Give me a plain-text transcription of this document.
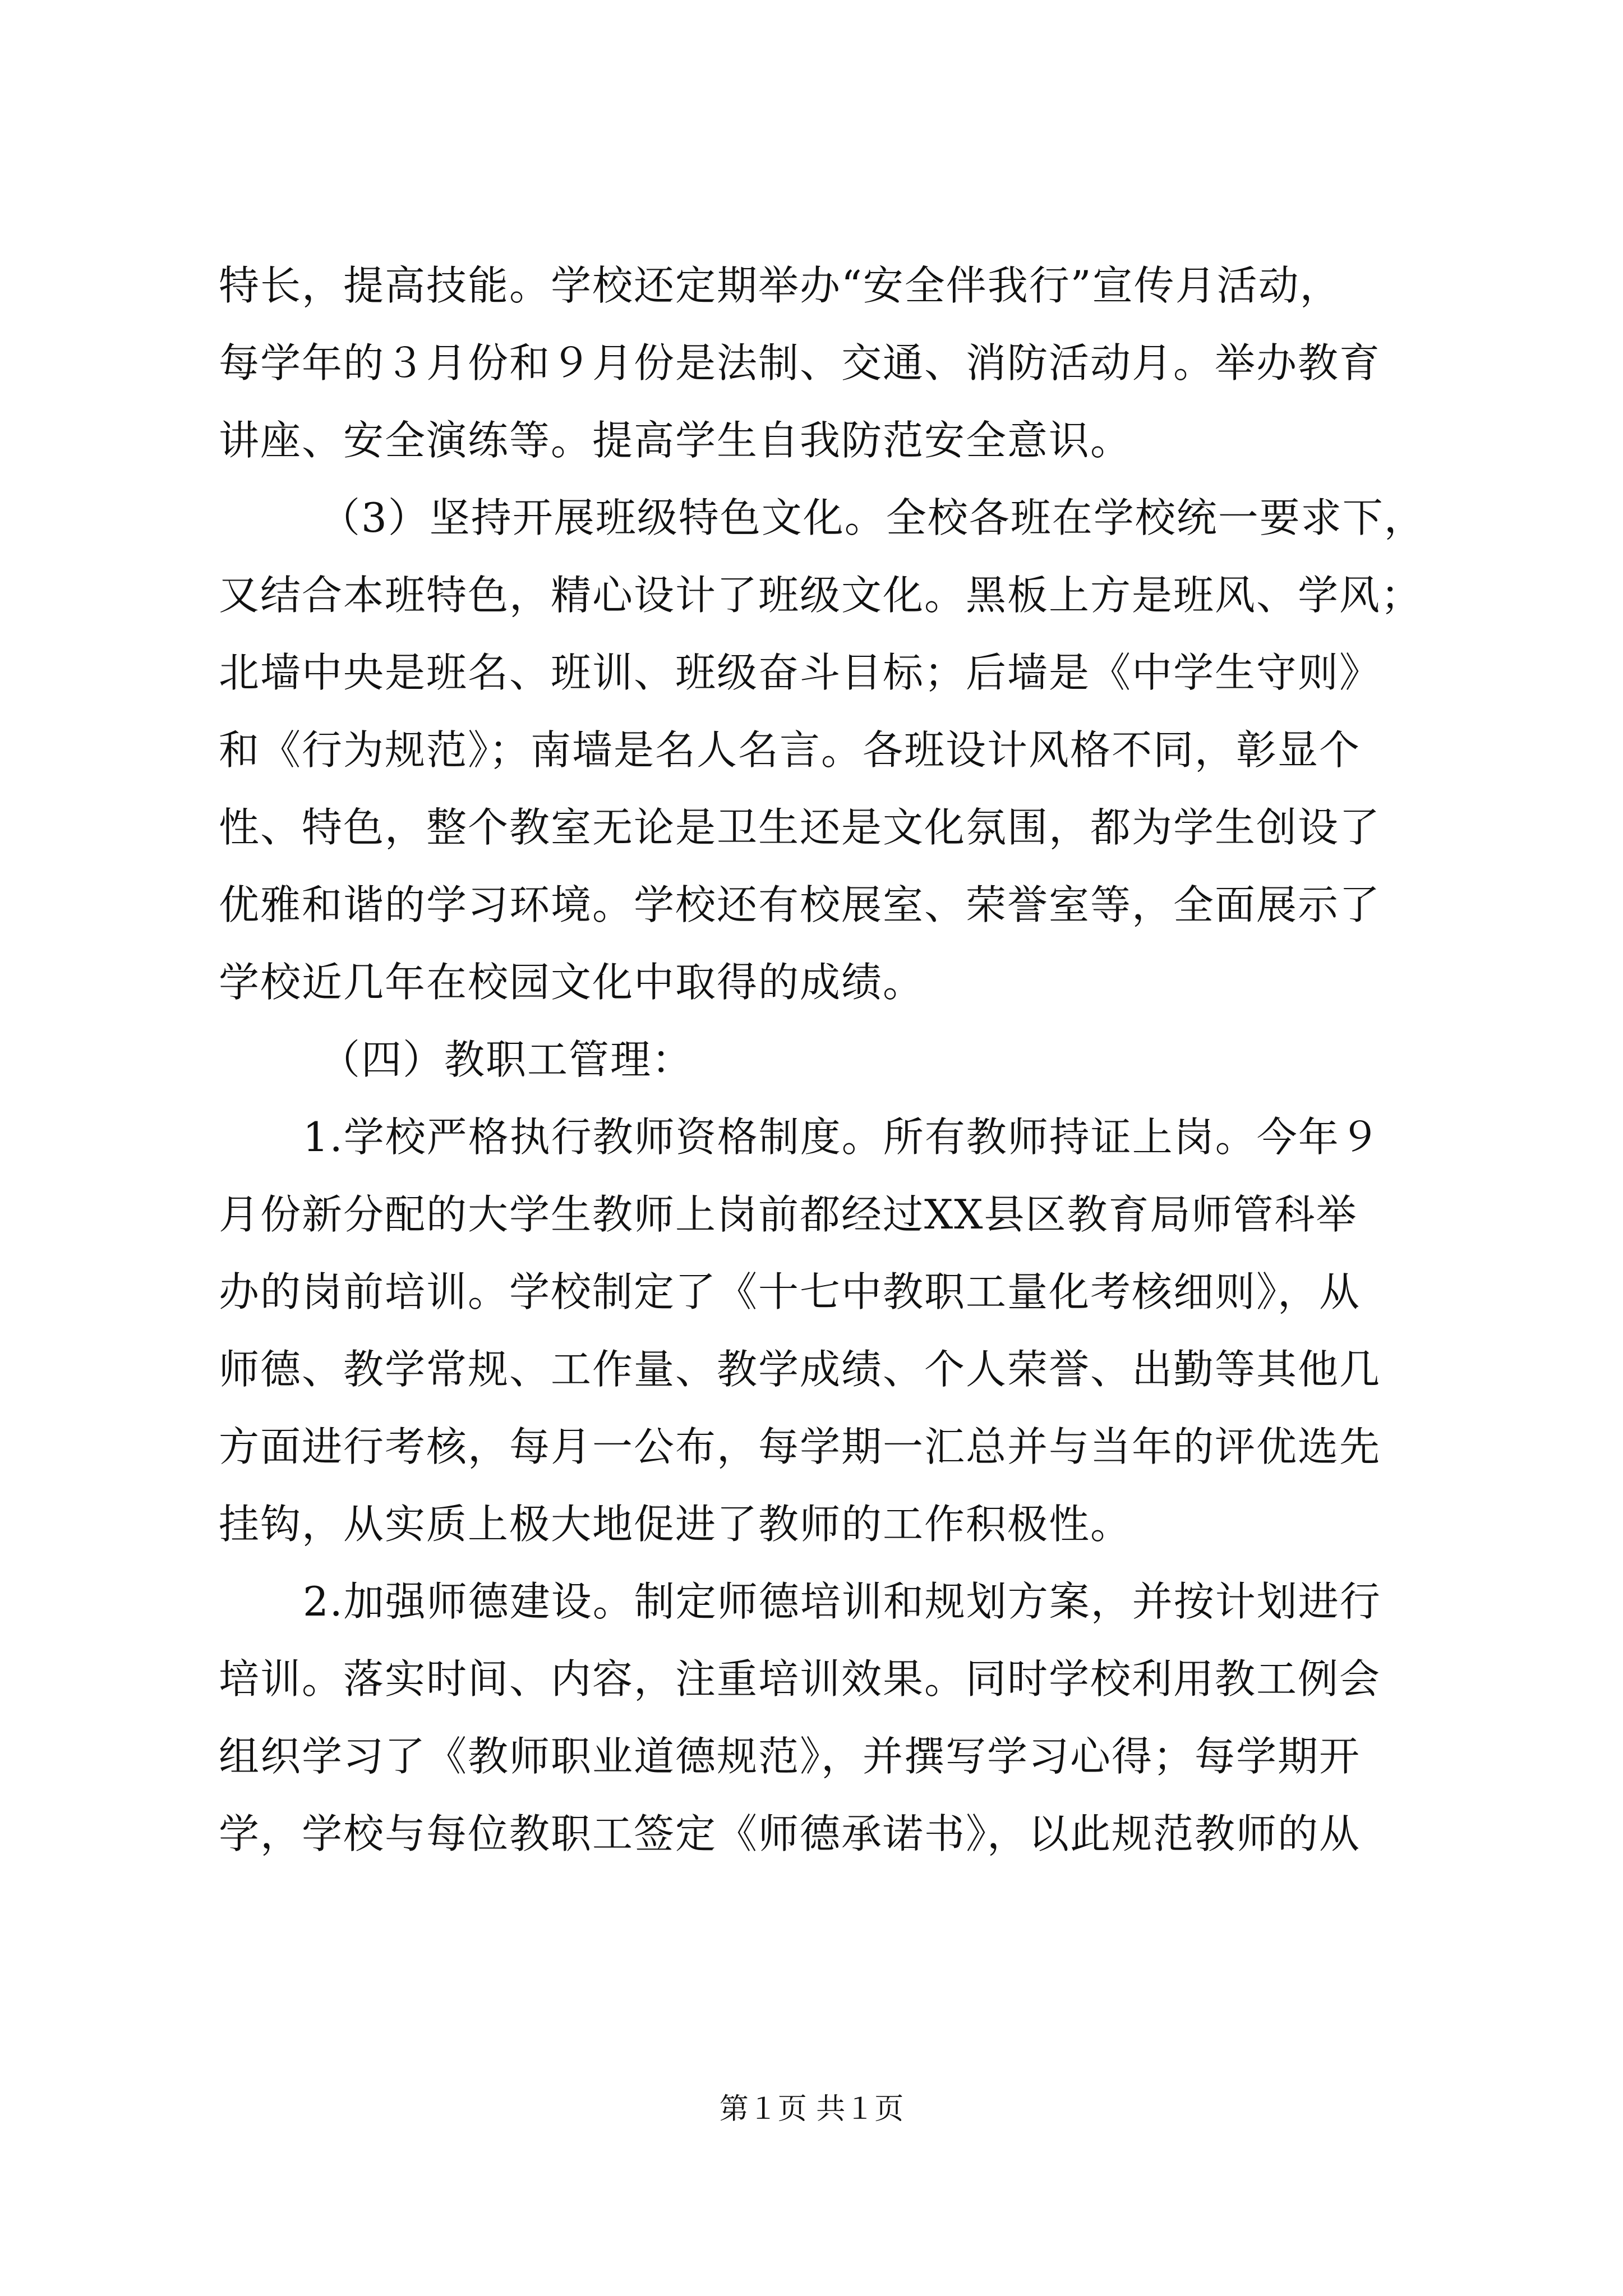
特长，提高技能。学校还定期举办“安全伴我行”宣传月活动，
每学年的３月份和９月份是法制、交通、消防活动月。举办教育
讲座、安全演练等。提高学生自我防范安全意识。
（3）坚持开展班级特色文化。全校各班在学校统一要求下，
又结合本班特色，精心设计了班级文化。黑板上方是班风、学风；
北墙中央是班名、班训、班级奋斗目标；后墙是《中学生守则》
和《行为规范》；南墙是名人名言。各班设计风格不同，彰显个
性、特色，整个教室无论是卫生还是文化氛围，都为学生创设了
优雅和谐的学习环境。学校还有校展室、荣誉室等，全面展示了
学校近几年在校园文化中取得的成绩。
（四）教职工管理：
1.学校严格执行教师资格制度。所有教师持证上岗。今年９
月份新分配的大学生教师上岗前都经过XX县区教育局师管科举
办的岗前培训。学校制定了《十七中教职工量化考核细则》，从
师德、教学常规、工作量、教学成绩、个人荣誉、出勤等其他几
方面进行考核，每月一公布，每学期一汇总并与当年的评优选先
挂钩，从实质上极大地促进了教师的工作积极性。
2.加强师德建设。制定师德培训和规划方案，并按计划进行
培训。落实时间、内容，注重培训效果。同时学校利用教工例会
组织学习了《教师职业道德规范》，并撰写学习心得；每学期开
学，学校与每位教职工签定《师德承诺书》，以此规范教师的从
第１页 共１页
